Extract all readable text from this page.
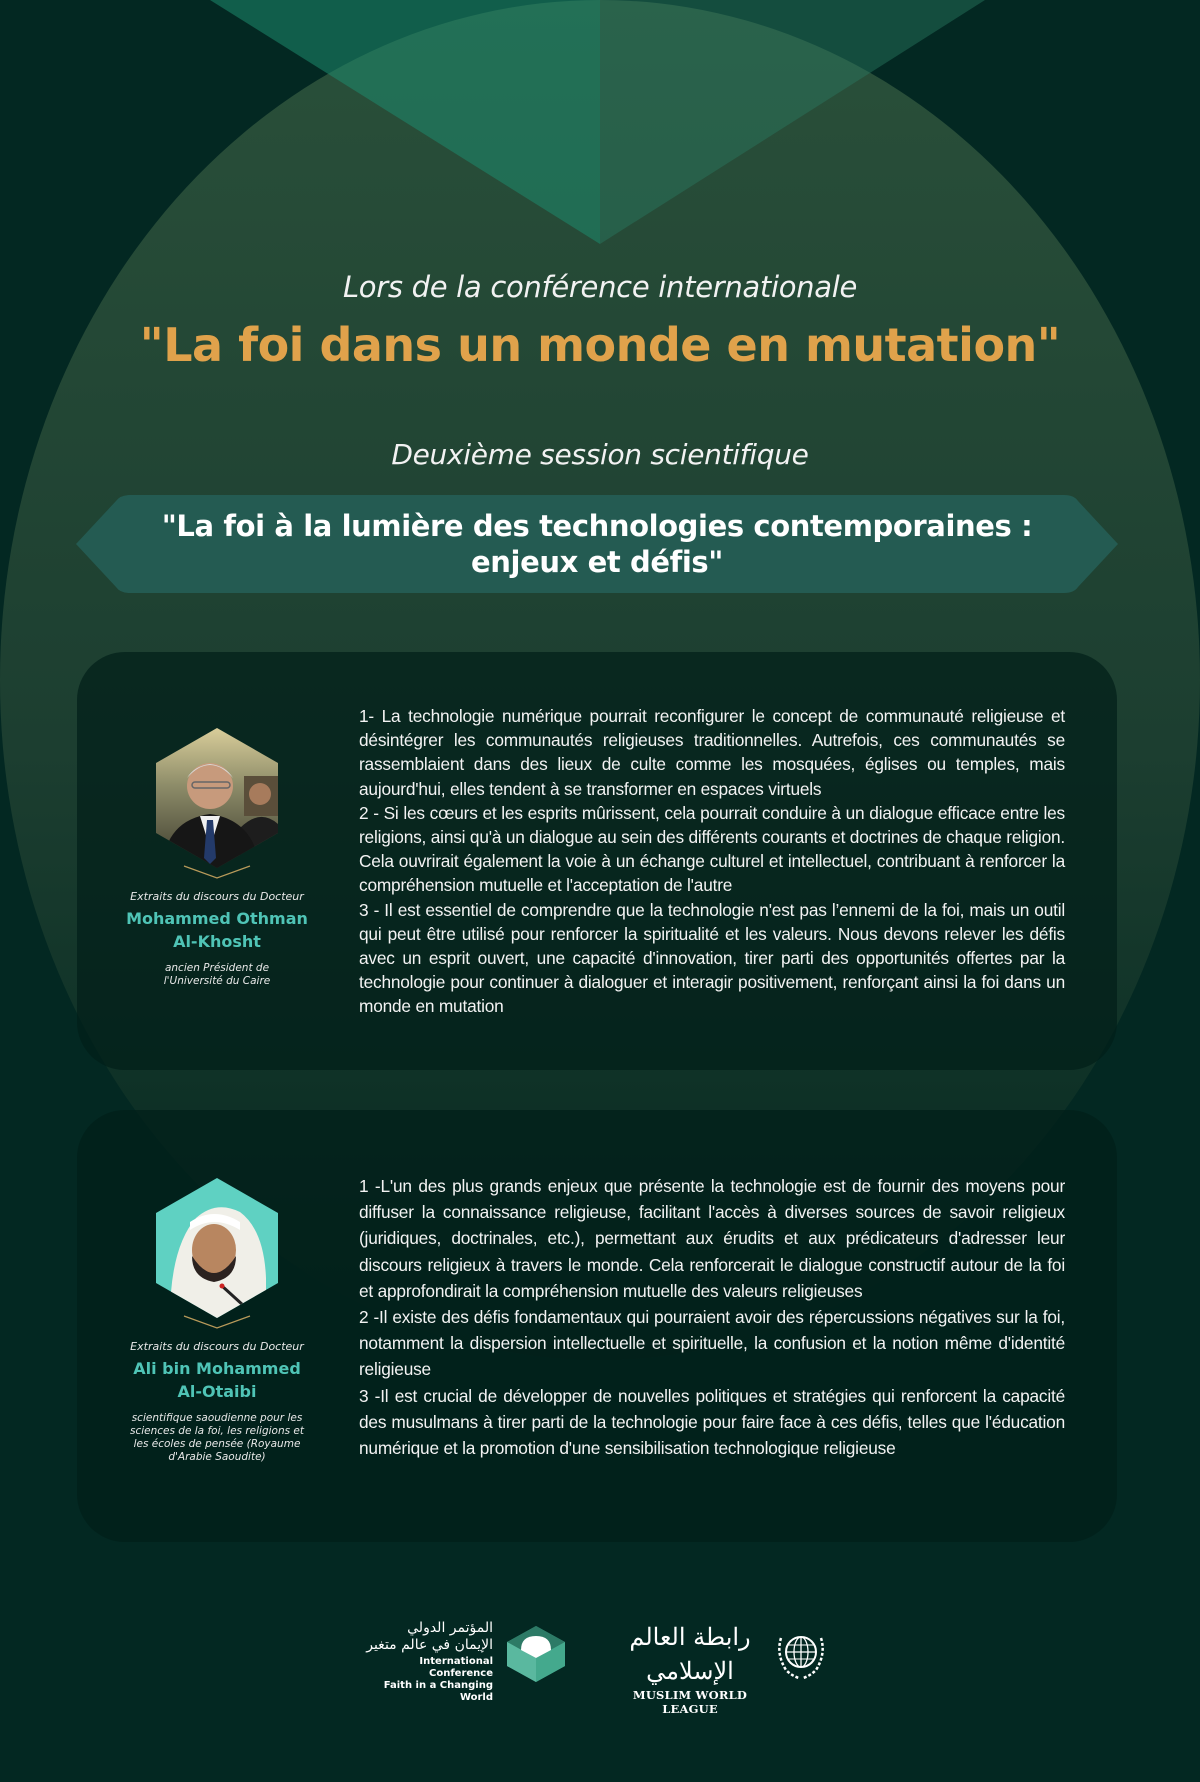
Lors de la conférence internationale
"La foi dans un monde en mutation"
Deuxième session scientifique
"La foi à la lumière des technologies contemporaines : enjeux et défis"
Extraits du discours du Docteur
Mohammed Othman
Al-Khosht
ancien Président de l'Université du Caire

1- La technologie numérique pourrait reconfigurer le concept de communauté religieuse et désintégrer les communautés religieuses traditionnelles. Autrefois, ces communautés se rassemblaient dans des lieux de culte comme les mosquées, églises ou temples, mais aujourd'hui, elles tendent à se transformer en espaces virtuels

2 - Si les cœurs et les esprits mûrissent, cela pourrait conduire à un dialogue efficace entre les religions, ainsi qu'à un dialogue au sein des différents courants et doctrines de chaque religion. Cela ouvrirait également la voie à un échange culturel et intellectuel, contribuant à renforcer la compréhension mutuelle et l'acceptation de l'autre

3 - Il est essentiel de comprendre que la technologie n'est pas l’ennemi de la foi, mais un outil qui peut être utilisé pour renforcer la spiritualité et les valeurs. Nous devons relever les défis avec un esprit ouvert, une capacité d'innovation, tirer parti des opportunités offertes par la technologie pour continuer à dialoguer et interagir positivement, renforçant ainsi la foi dans un monde en mutation

Extraits du discours du Docteur
Ali bin Mohammed
Al-Otaibi
scientifique saoudienne pour les sciences de la foi, les religions et les écoles de pensée (Royaume d'Arabie Saoudite)

1 -L'un des plus grands enjeux que présente la technologie est de fournir des moyens pour diffuser la connaissance religieuse, facilitant l'accès à diverses sources de savoir religieux (juridiques, doctrinales, etc.), permettant aux érudits et aux prédicateurs d'adresser leur discours religieux à travers le monde. Cela renforcerait le dialogue constructif autour de la foi et approfondirait la compréhension mutuelle des valeurs religieuses

2 -Il existe des défis fondamentaux qui pourraient avoir des répercussions négatives sur la foi, notamment la dispersion intellectuelle et spirituelle, la confusion et la notion même d'identité religieuse

3 -Il est crucial de développer de nouvelles politiques et stratégies qui renforcent la capacité des musulmans à tirer parti de la technologie pour faire face à ces défis, telles que l'éducation numérique et la promotion d'une sensibilisation technologique religieuse

المؤتمر الدولي
الإيمان في عالم متغير
International Conference
Faith in a Changing World
رابطة العالم الإسلامي
MUSLIM WORLD LEAGUE
